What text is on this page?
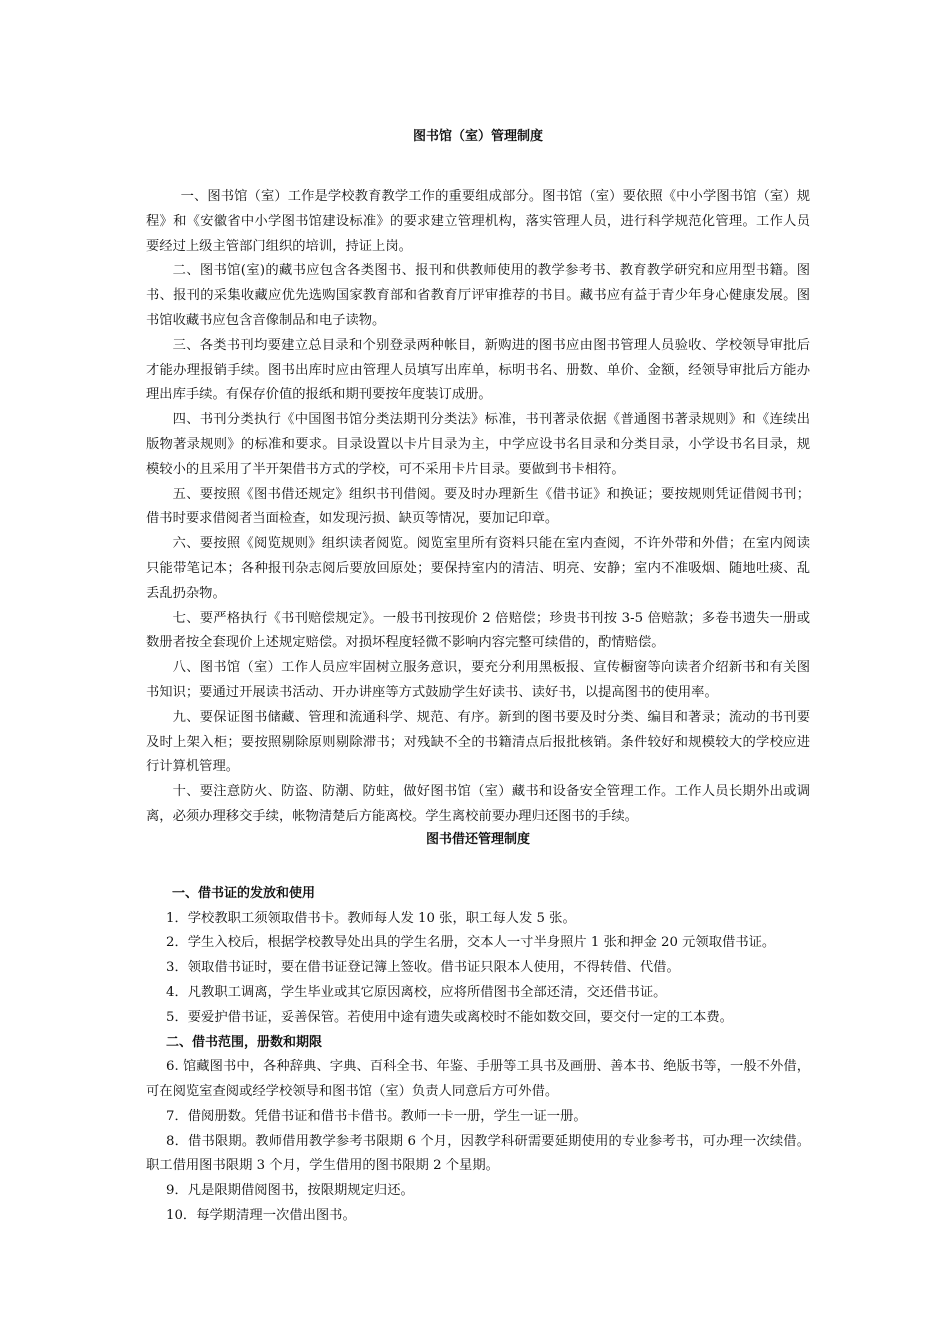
图书馆（室）管理制度

一、图书馆（室）工作是学校教育教学工作的重要组成部分。图书馆（室）要依照《中小学图书馆（室）规程》和《安徽省中小学图书馆建设标准》的要求建立管理机构，落实管理人员，进行科学规范化管理。工作人员要经过上级主管部门组织的培训，持证上岗。

二、图书馆(室)的藏书应包含各类图书、报刊和供教师使用的教学参考书、教育教学研究和应用型书籍。图书、报刊的采集收藏应优先选购国家教育部和省教育厅评审推荐的书目。藏书应有益于青少年身心健康发展。图书馆收藏书应包含音像制品和电子读物。

三、各类书刊均要建立总目录和个别登录两种帐目，新购进的图书应由图书管理人员验收、学校领导审批后才能办理报销手续。图书出库时应由管理人员填写出库单，标明书名、册数、单价、金额，经领导审批后方能办理出库手续。有保存价值的报纸和期刊要按年度装订成册。

四、书刊分类执行《中国图书馆分类法期刊分类法》标准，书刊著录依据《普通图书著录规则》和《连续出版物著录规则》的标准和要求。目录设置以卡片目录为主，中学应设书名目录和分类目录，小学设书名目录，规模较小的且采用了半开架借书方式的学校，可不采用卡片目录。要做到书卡相符。

五、要按照《图书借还规定》组织书刊借阅。要及时办理新生《借书证》和换证；要按规则凭证借阅书刊；借书时要求借阅者当面检查，如发现污损、缺页等情况，要加记印章。

六、要按照《阅览规则》组织读者阅览。阅览室里所有资料只能在室内查阅，不许外带和外借；在室内阅读只能带笔记本；各种报刊杂志阅后要放回原处；要保持室内的清洁、明亮、安静；室内不准吸烟、随地吐痰、乱丢乱扔杂物。

七、要严格执行《书刊赔偿规定》。一般书刊按现价 2 倍赔偿；珍贵书刊按 3-5 倍赔款；多卷书遗失一册或数册者按全套现价上述规定赔偿。对损坏程度轻微不影响内容完整可续借的，酌情赔偿。

八、图书馆（室）工作人员应牢固树立服务意识，要充分利用黑板报、宣传橱窗等向读者介绍新书和有关图书知识；要通过开展读书活动、开办讲座等方式鼓励学生好读书、读好书，以提高图书的使用率。

九、要保证图书储藏、管理和流通科学、规范、有序。新到的图书要及时分类、编目和著录；流动的书刊要及时上架入柜；要按照剔除原则剔除滞书；对残缺不全的书籍清点后报批核销。条件较好和规模较大的学校应进行计算机管理。

十、要注意防火、防盗、防潮、防蛀，做好图书馆（室）藏书和设备安全管理工作。工作人员长期外出或调离，必须办理移交手续，帐物清楚后方能离校。学生离校前要办理归还图书的手续。

图书借还管理制度
一、借书证的发放和使用

1．学校教职工须领取借书卡。教师每人发 10 张，职工每人发 5 张。

2．学生入校后，根据学校教导处出具的学生名册，交本人一寸半身照片 1 张和押金 20 元领取借书证。

3．领取借书证时，要在借书证登记簿上签收。借书证只限本人使用，不得转借、代借。

4．凡教职工调离，学生毕业或其它原因离校，应将所借图书全部还清，交还借书证。

5．要爱护借书证，妥善保管。若使用中途有遗失或离校时不能如数交回，要交付一定的工本费。

二、借书范围，册数和期限

6. 馆藏图书中，各种辞典、字典、百科全书、年鉴、手册等工具书及画册、善本书、绝版书等，一般不外借，可在阅览室查阅或经学校领导和图书馆（室）负责人同意后方可外借。

7．借阅册数。凭借书证和借书卡借书。教师一卡一册，学生一证一册。

8．借书限期。教师借用教学参考书限期 6 个月，因教学科研需要延期使用的专业参考书，可办理一次续借。职工借用图书限期 3 个月，学生借用的图书限期 2 个星期。

9．凡是限期借阅图书，按限期规定归还。

10．每学期清理一次借出图书。
